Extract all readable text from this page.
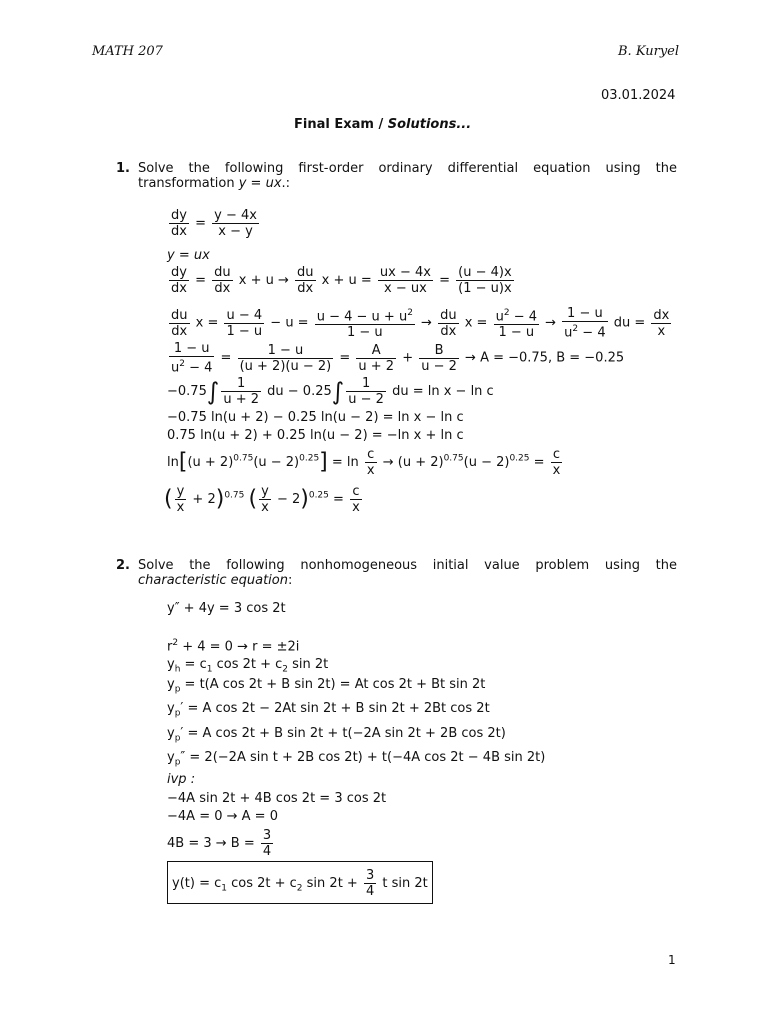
MATH 207	B. Kuryel
03.01.2024
Final Exam / Solutions...
1. Solve the following first-order ordinary differential equation using the transformation y = ux.:
$\frac{dy}{dx} = \frac{y - 4x}{x - y}$
y = ux
$\frac{dy}{dx} = \frac{du}{dx}$ $x + u \to \frac{du}{dx}$ $x + u = \frac{ux - 4x}{x - ux} = \frac{(u - 4)x}{(1 - u)x}$
$\frac{du}{dx}$ $x = \frac{u - 4}{1 - u} - u = \frac{u - 4 - u + u^2}{1 - u} \to \frac{du}{dx}$ $x = \frac{u^2 - 4}{1 - u} \to \frac{1 - u}{u^2 - 4}$ du = $\frac{dx}{x}$
$\frac{1 - u}{u^2 - 4} = \frac{1 - u}{(u + 2)(u - 2)} = \frac{A}{u + 2} + \frac{B}{u - 2} \to A = -0.75$, B = −0.25
$-0.75\int \frac{1}{u + 2}$ du − $0.25\int \frac{1}{u - 2}$ du = ln x − ln c
−0.75 ln(u + 2) − 0.25 ln(u − 2) = ln x − ln c
0.75 ln(u + 2) + 0.25 ln(u − 2) = −ln x + ln c
$\ln[(u + 2)^{0.75}(u - 2)^{0.25}] = \ln \frac{c}{x} \to (u + 2)^{0.75}(u - 2)^{0.25} = \frac{c}{x}$
( $\frac{y}{x} + 2)^{0.75}$ ( $\frac{y}{x} - 2)^{0.25} = \frac{c}{x}$
2. Solve the following nonhomogeneous initial value problem using the characteristic equation:
y″ + 4y = 3 cos 2t
$r^2 + 4 = 0 \to r = \pm 2i$
$y_h = c_1$ $\cos 2t + c_2$ sin 2t
$y_p = t(A$ cos 2t + B sin 2t) = At cos 2t + Bt sin 2t
$y_p' = A$ cos 2t − 2At sin 2t + B sin 2t + 2Bt cos 2t
$y_p' = A$ cos 2t + B sin 2t + t(−2A sin 2t + 2B cos 2t)
$y_p'' = 2(-2A$ sin t + 2B cos 2t) + t(−4A cos 2t − 4B sin 2t)
ivp :
−4A sin 2t + 4B cos 2t = 3 cos 2t
−4A = 0 → A = 0
$4B = 3 \to B = \frac{3}{4}$
$y(t) = c_1$ $\cos 2t + c_2$ $\sin 2t + \frac{3}{4}$ t sin 2t
1
